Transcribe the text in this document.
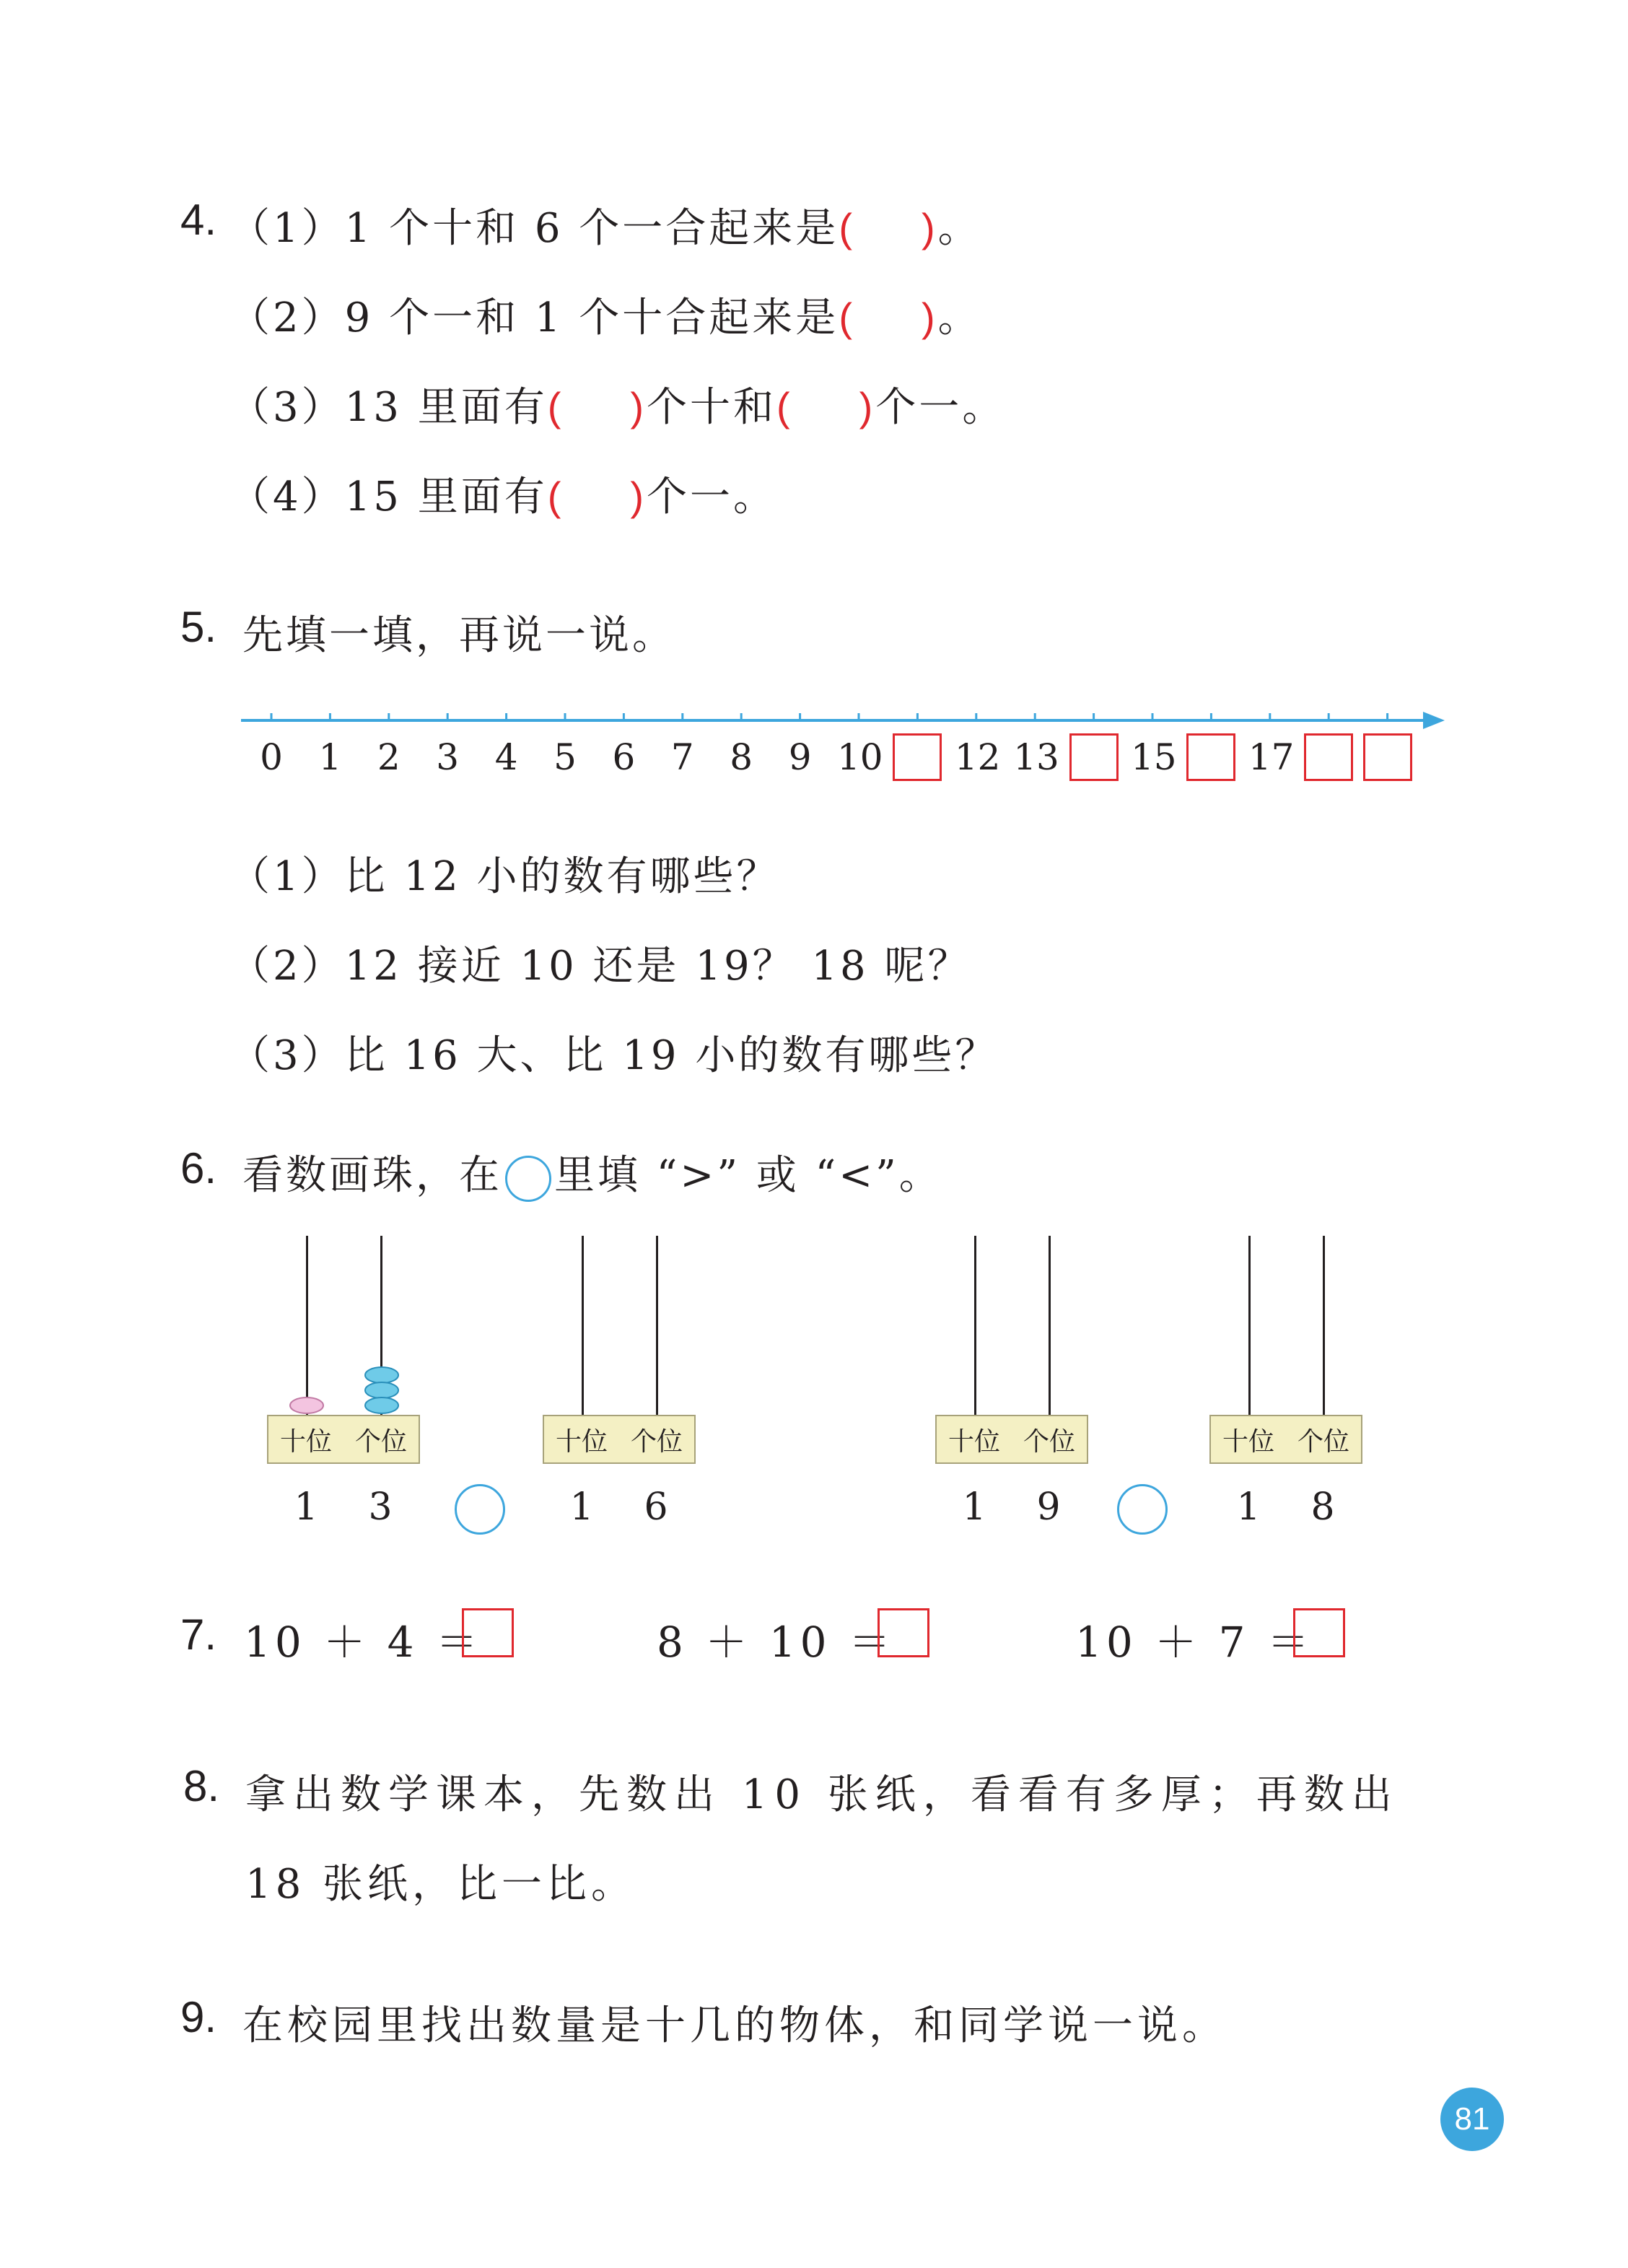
4. （1）1 个十和 6 个一合起来是( )。
（2）9 个一和 1 个十合起来是( )。
（3）13 里面有( )个十和( )个一。
（4）15 里面有( )个一。
5. 先填一填，再说一说。
0 1 2 3 4 5 6 7 8 9 10 12 13 15 17
（1）比 12 小的数有哪些？
（2）12 接近 10 还是 19？ 18 呢？
（3）比 16 大、比 19 小的数有哪些？
6. 看数画珠，在 里填 “>” 或 “<”。
十位 个位
1 3
十位 个位
1 6
十位 个位
1 9
十位 个位
1 8
7. 10 ＋ 4 ＝	8 ＋ 10 ＝	10 ＋ 7 ＝
8. 拿出数学课本，先数出 10 张纸，看看有多厚；再数出
18 张纸，比一比。
9. 在校园里找出数量是十几的物体，和同学说一说。
81
